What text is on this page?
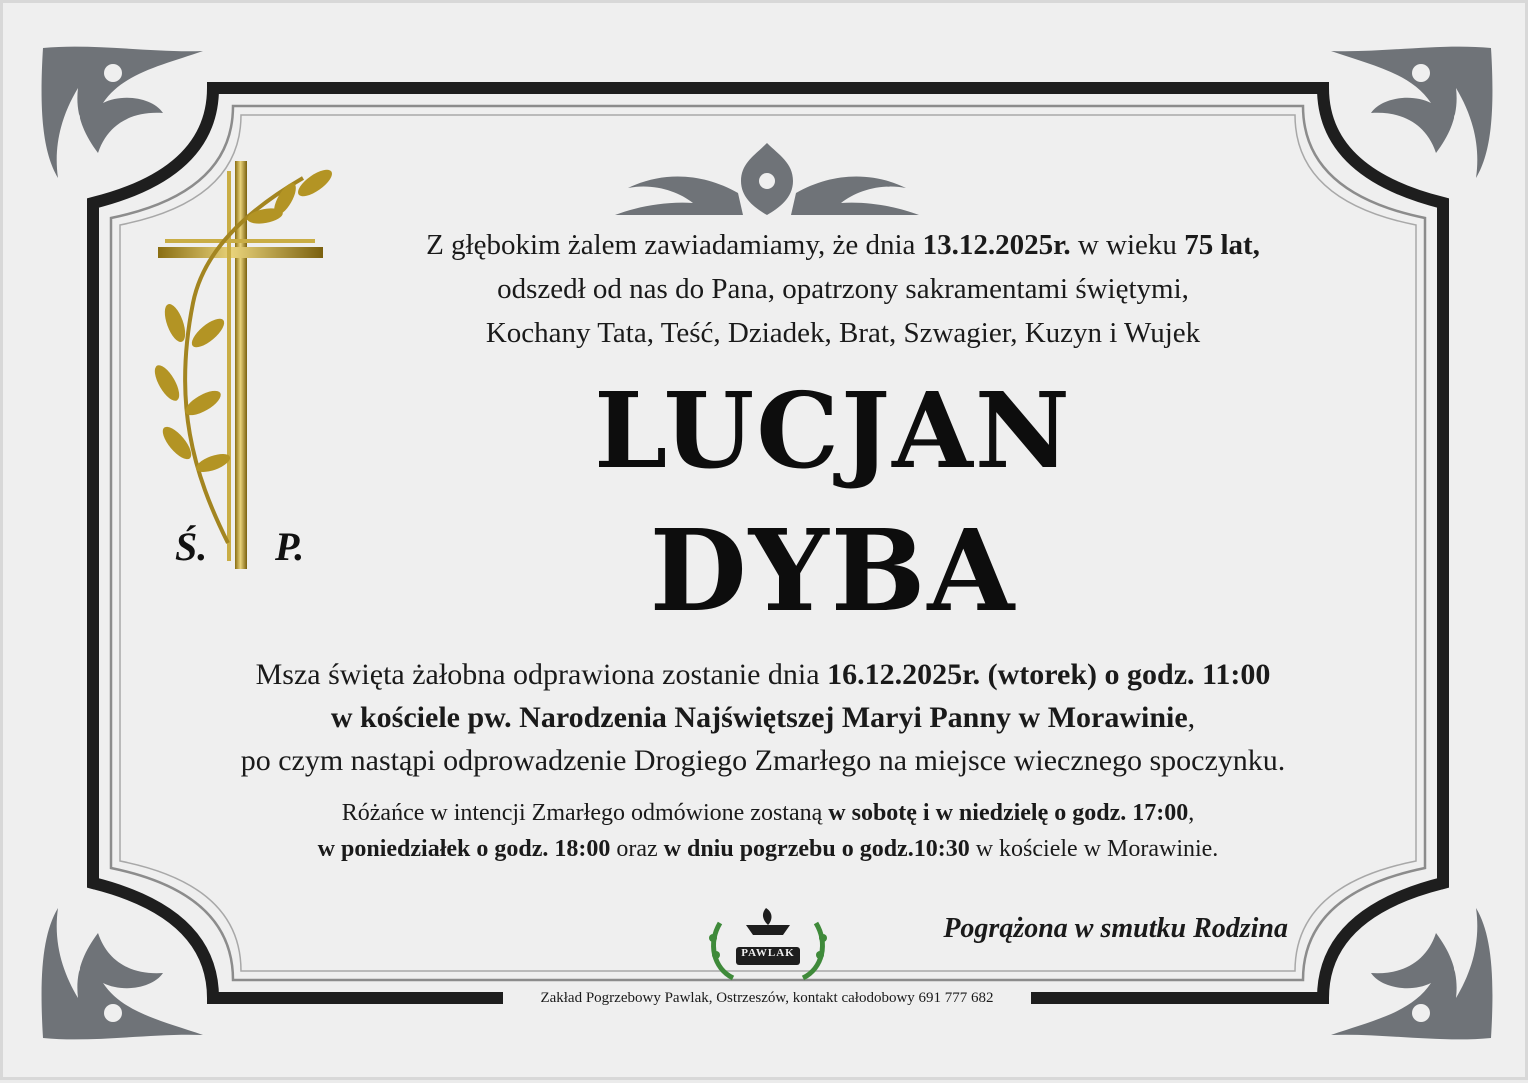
Ś. P.
Z głębokim żalem zawiadamiamy, że dnia 13.12.2025r. w wieku 75 lat,
odszedł od nas do Pana, opatrzony sakramentami świętymi,
Kochany Tata, Teść, Dziadek, Brat, Szwagier, Kuzyn i Wujek
LUCJAN
DYBA
Msza święta żałobna odprawiona zostanie dnia 16.12.2025r. (wtorek) o godz. 11:00
w kościele pw. Narodzenia Najświętszej Maryi Panny w Morawinie,
po czym nastąpi odprowadzenie Drogiego Zmarłego na miejsce wiecznego spoczynku.
Różańce w intencji Zmarłego odmówione zostaną w sobotę i w niedzielę o godz. 17:00,
w poniedziałek o godz. 18:00 oraz w dniu pogrzebu o godz.10:30 w kościele w Morawinie.
PAWLAK
Pogrążona w smutku Rodzina
Zakład Pogrzebowy Pawlak, Ostrzeszów, kontakt całodobowy 691 777 682
